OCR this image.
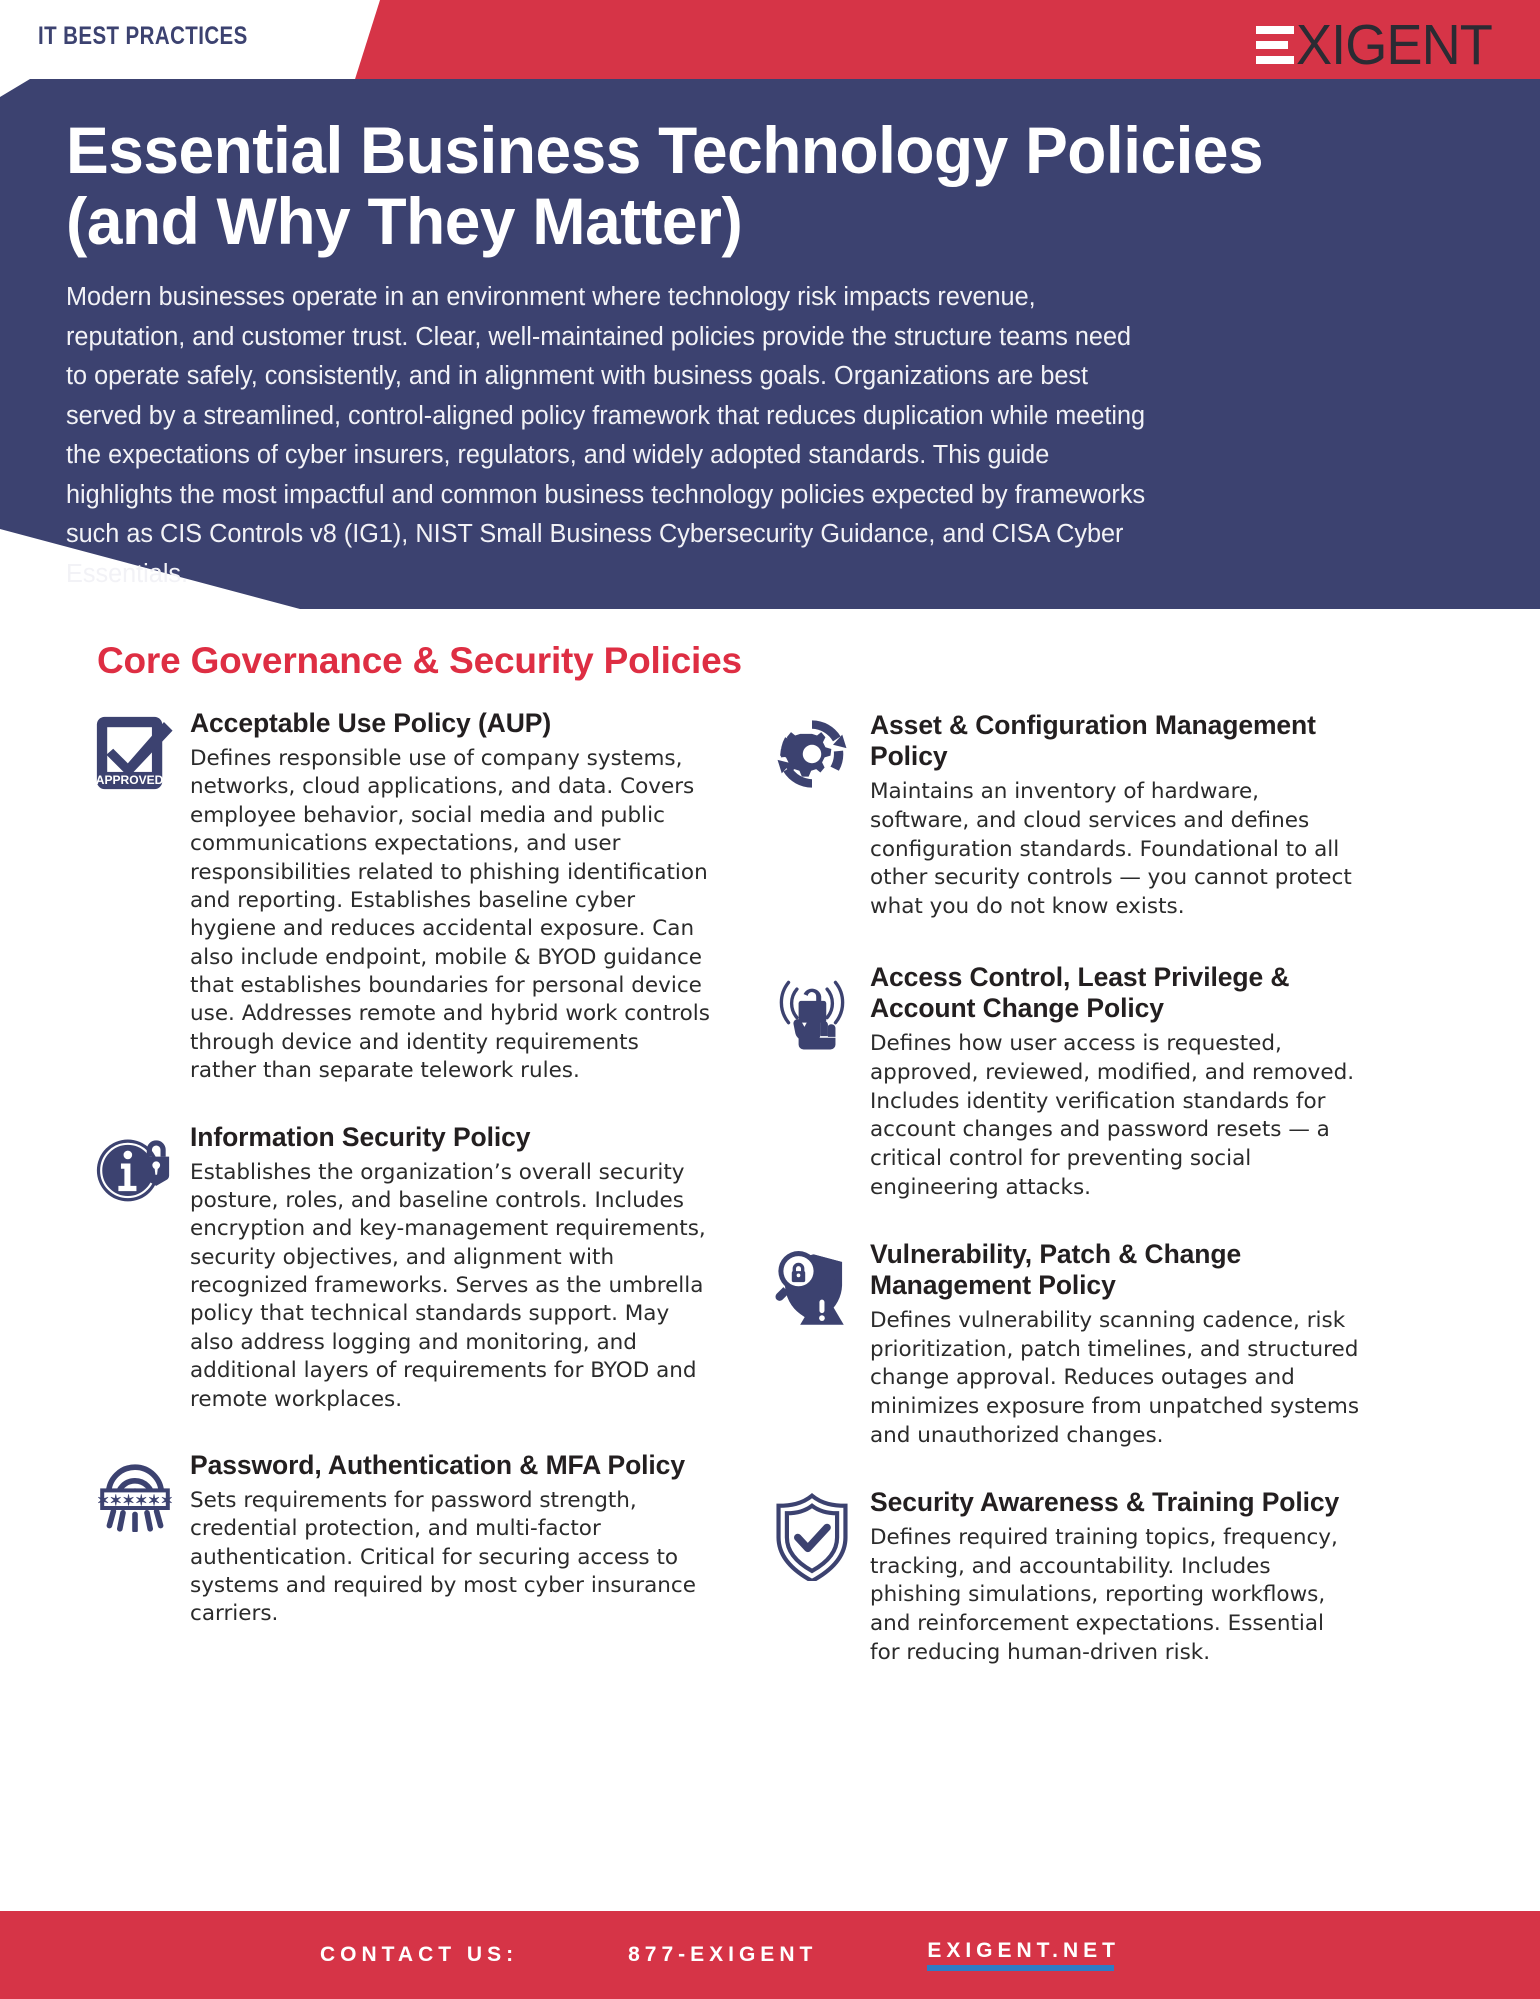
IT BEST PRACTICES	XIGENT
Essential Business Technology Policies (and Why They Matter)

Modern businesses operate in an environment where technology risk impacts revenue, reputation, and customer trust. Clear, well-maintained policies provide the structure teams need to operate safely, consistently, and in alignment with business goals. Organizations are best served by a streamlined, control-aligned policy framework that reduces duplication while meeting the expectations of cyber insurers, regulators, and widely adopted standards. This guide highlights the most impactful and common business technology policies expected by frameworks such as CIS Controls v8 (IG1), NIST Small Business Cybersecurity Guidance, and CISA Cyber Essentials.

Core Governance & Security Policies
APPROVED
Acceptable Use Policy (AUP)
Defines responsible use of company systems, networks, cloud applications, and data. Covers employee behavior, social media and public communications expectations, and user responsibilities related to phishing identification and reporting. Establishes baseline cyber hygiene and reduces accidental exposure. Can also include endpoint, mobile & BYOD guidance that establishes boundaries for personal device use. Addresses remote and hybrid work controls through device and identity requirements rather than separate telework rules.
Information Security Policy
Establishes the organization’s overall security posture, roles, and baseline controls. Includes encryption and key-management requirements, security objectives, and alignment with recognized frameworks. Serves as the umbrella policy that technical standards support. May also address logging and monitoring, and additional layers of requirements for BYOD and remote workplaces.
✶✶✶✶✶✶
Password, Authentication & MFA Policy
Sets requirements for password strength, credential protection, and multi-factor authentication. Critical for securing access to systems and required by most cyber insurance carriers.
Asset & Configuration Management Policy
Maintains an inventory of hardware, software, and cloud services and defines configuration standards. Foundational to all other security controls — you cannot protect what you do not know exists.
Access Control, Least Privilege & Account Change Policy
Defines how user access is requested, approved, reviewed, modified, and removed. Includes identity verification standards for account changes and password resets — a critical control for preventing social engineering attacks.
Vulnerability, Patch & Change Management Policy
Defines vulnerability scanning cadence, risk prioritization, patch timelines, and structured change approval. Reduces outages and minimizes exposure from unpatched systems and unauthorized changes.
Security Awareness & Training Policy
Defines required training topics, frequency, tracking, and accountability. Includes phishing simulations, reporting workflows, and reinforcement expectations. Essential for reducing human-driven risk.
CONTACT US:	877-EXIGENT	EXIGENT.NET
